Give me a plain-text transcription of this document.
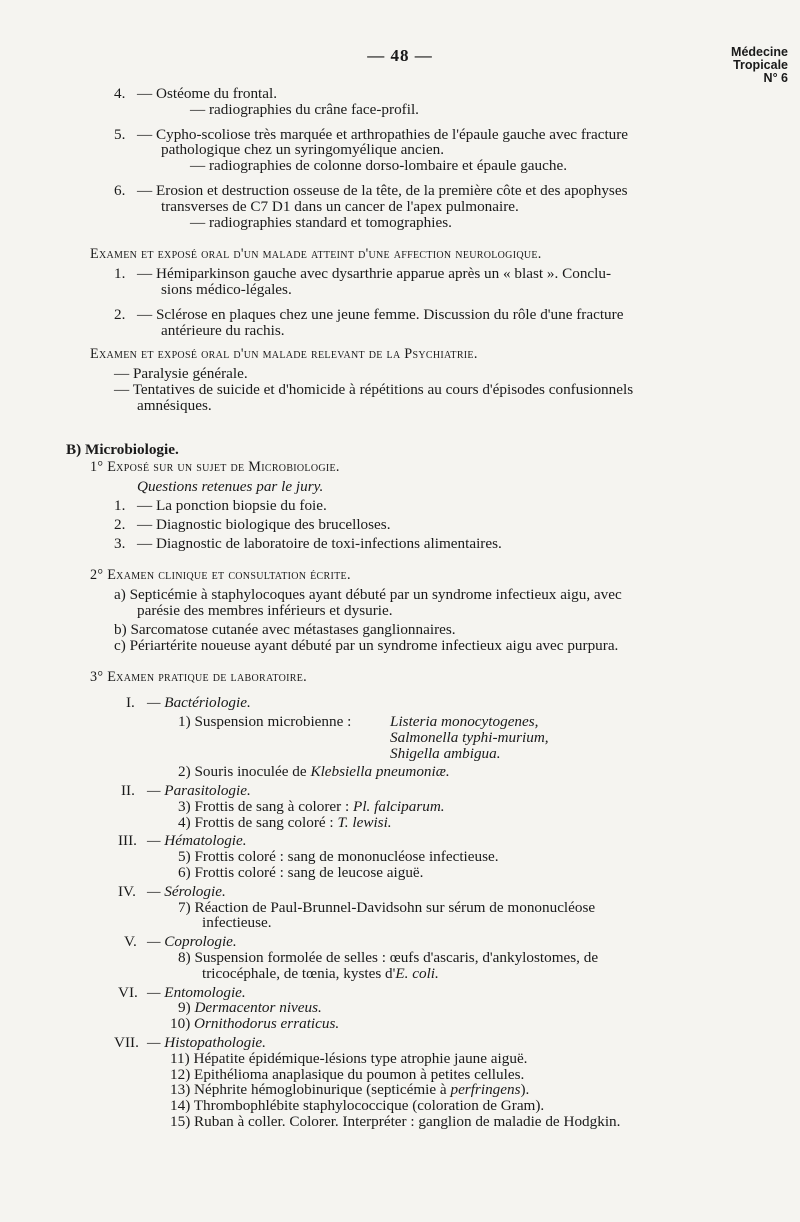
— 48 —	Médecine
Tropicale
N° 6
4. — Ostéome du frontal.
— radiographies du crâne face-profil.
5. — Cypho-scoliose très marquée et arthropathies de l'épaule gauche avec fracture
pathologique chez un syringomyélique ancien.
— radiographies de colonne dorso-lombaire et épaule gauche.
6. — Erosion et destruction osseuse de la tête, de la première côte et des apophyses
transverses de C7 D1 dans un cancer de l'apex pulmonaire.
— radiographies standard et tomographies.
Examen et exposé oral d'un malade atteint d'une affection neurologique.
1. — Hémiparkinson gauche avec dysarthrie apparue après un « blast ». Conclu-
sions médico-légales.
2. — Sclérose en plaques chez une jeune femme. Discussion du rôle d'une fracture
antérieure du rachis.
Examen et exposé oral d'un malade relevant de la Psychiatrie.
— Paralysie générale.
— Tentatives de suicide et d'homicide à répétitions au cours d'épisodes confusionnels
amnésiques.
B) Microbiologie.
1° Exposé sur un sujet de Microbiologie.
Questions retenues par le jury.
1. — La ponction biopsie du foie.
2. — Diagnostic biologique des brucelloses.
3. — Diagnostic de laboratoire de toxi-infections alimentaires.
2° Examen clinique et consultation écrite.
a) Septicémie à staphylocoques ayant débuté par un syndrome infectieux aigu, avec
parésie des membres inférieurs et dysurie.
b) Sarcomatose cutanée avec métastases ganglionnaires.
c) Périartérite noueuse ayant débuté par un syndrome infectieux aigu avec purpura.
3° Examen pratique de laboratoire.
I. — Bactériologie.
1) Suspension microbienne :	Listeria monocytogenes,
Salmonella typhi-murium,
Shigella ambigua.
2) Souris inoculée de Klebsiella pneumoniæ.
II. — Parasitologie.
3) Frottis de sang à colorer : Pl. falciparum.
4) Frottis de sang coloré : T. lewisi.
III. — Hématologie.
5) Frottis coloré : sang de mononucléose infectieuse.
6) Frottis coloré : sang de leucose aiguë.
IV. — Sérologie.
7) Réaction de Paul-Brunnel-Davidsohn sur sérum de mononucléose
infectieuse.
V. — Coprologie.
8) Suspension formolée de selles : œufs d'ascaris, d'ankylostomes, de
tricocéphale, de tœnia, kystes d'E. coli.
VI. — Entomologie.
9) Dermacentor niveus.
10) Ornithodorus erraticus.
VII. — Histopathologie.
11) Hépatite épidémique-lésions type atrophie jaune aiguë.
12) Epithélioma anaplasique du poumon à petites cellules.
13) Néphrite hémoglobinurique (septicémie à perfringens).
14) Thrombophlébite staphylococcique (coloration de Gram).
15) Ruban à coller. Colorer. Interpréter : ganglion de maladie de Hodgkin.
